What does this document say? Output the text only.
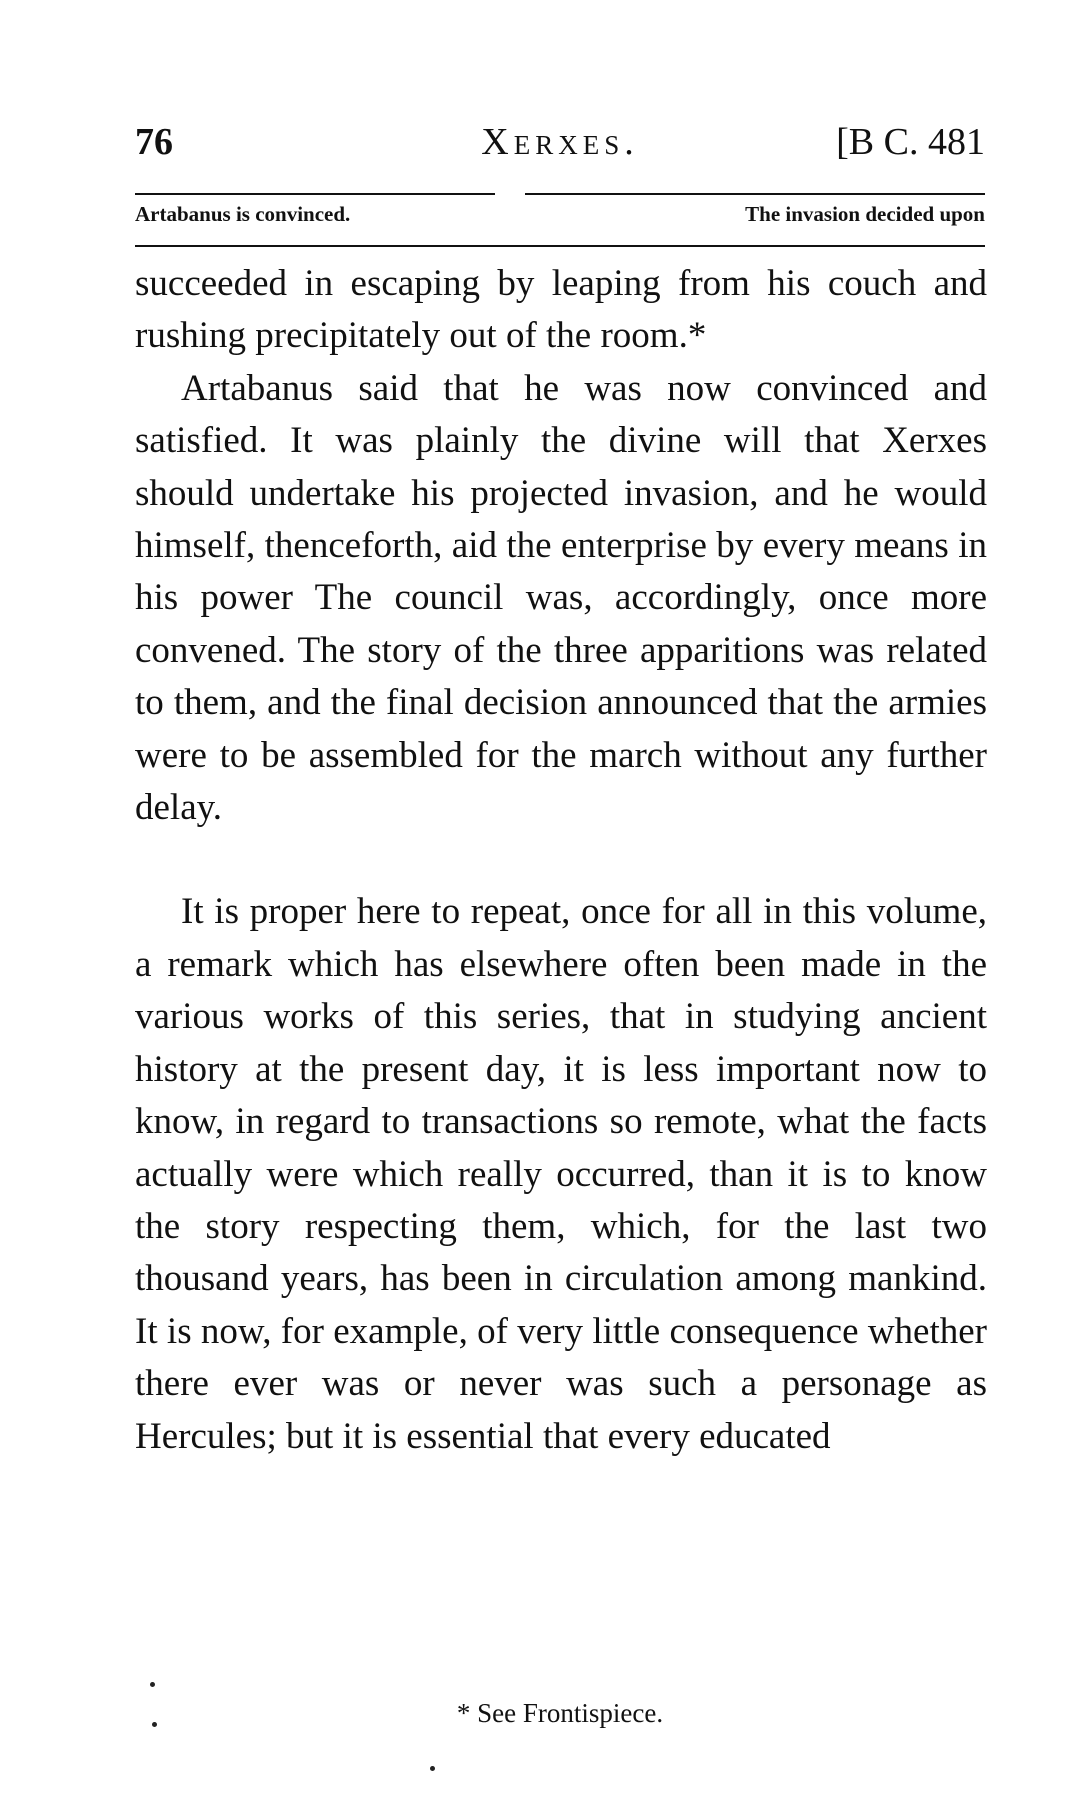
76	Xerxes.	[B C. 481
Artabanus is convinced.	The invasion decided upon

succeeded in escaping by leaping from his couch and rushing precipitately out of the room.*

Artabanus said that he was now convinced and satisfied. It was plainly the divine will that Xerxes should undertake his projected invasion, and he would himself, thenceforth, aid the enterprise by every means in his power The council was, accordingly, once more convened. The story of the three apparitions was related to them, and the final decision announced that the armies were to be assembled for the march without any further delay.

It is proper here to repeat, once for all in this volume, a remark which has elsewhere often been made in the various works of this series, that in studying ancient history at the present day, it is less important now to know, in regard to transactions so remote, what the facts actually were which really occurred, than it is to know the story respecting them, which, for the last two thousand years, has been in circulation among mankind. It is now, for example, of very little consequence whether there ever was or never was such a personage as Hercules; but it is essential that every educated

* See Frontispiece.
